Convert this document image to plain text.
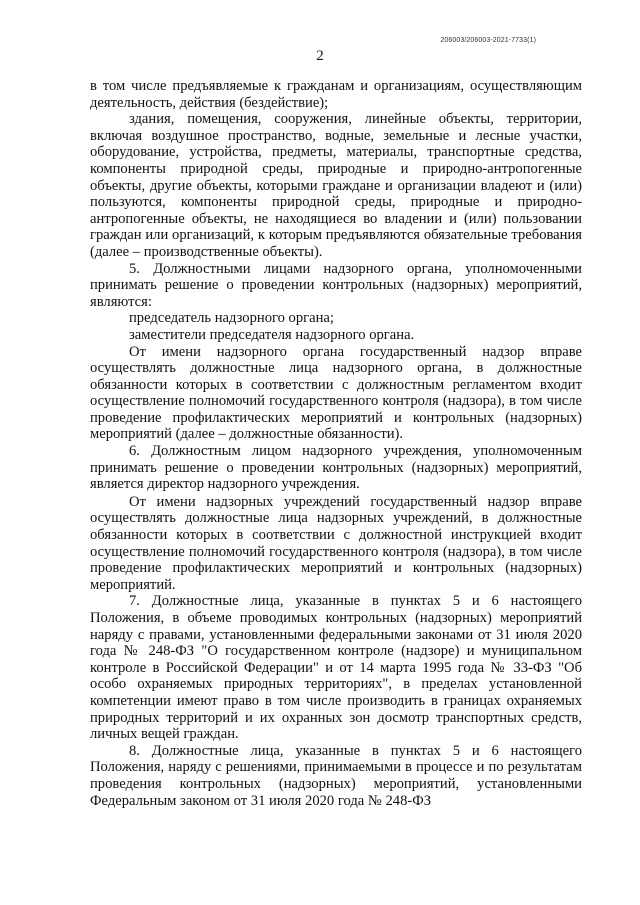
206003/206003-2021-7733(1)
2

в том числе предъявляемые к гражданам и организациям, осуществляющим деятельность, действия (бездействие);

здания, помещения, сооружения, линейные объекты, территории, включая воздушное пространство, водные, земельные и лесные участки, оборудование, устройства, предметы, материалы, транспортные средства, компоненты природной среды, природные и природно-антропогенные объекты, другие объекты, которыми граждане и организации владеют и (или) пользуются, компоненты природной среды, природные и природно-антропогенные объекты, не находящиеся во владении и (или) пользовании граждан или организаций, к которым предъявляются обязательные требования (далее – производственные объекты).

5. Должностными лицами надзорного органа, уполномоченными принимать решение о проведении контрольных (надзорных) мероприятий, являются:

председатель надзорного органа;

заместители председателя надзорного органа.

От имени надзорного органа государственный надзор вправе осуществлять должностные лица надзорного органа, в должностные обязанности которых в соответствии с должностным регламентом входит осуществление полномочий государственного контроля (надзора), в том числе проведение профилактических мероприятий и контрольных (надзорных) мероприятий (далее – должностные обязанности).

6. Должностным лицом надзорного учреждения, уполномоченным принимать решение о проведении контрольных (надзорных) мероприятий, является директор надзорного учреждения.

От имени надзорных учреждений государственный надзор вправе осуществлять должностные лица надзорных учреждений, в должностные обязанности которых в соответствии с должностной инструкцией входит осуществление полномочий государственного контроля (надзора), в том числе проведение профилактических мероприятий и контрольных (надзорных) мероприятий.

7. Должностные лица, указанные в пунктах 5 и 6 настоящего Положения, в объеме проводимых контрольных (надзорных) мероприятий наряду с правами, установленными федеральными законами от 31 июля 2020 года № 248-ФЗ "О государственном контроле (надзоре) и муниципальном контроле в Российской Федерации" и от 14 марта 1995 года № 33-ФЗ "Об особо охраняемых природных территориях", в пределах установленной компетенции имеют право в том числе производить в границах охраняемых природных территорий и их охранных зон досмотр транспортных средств, личных вещей граждан.

8. Должностные лица, указанные в пунктах 5 и 6 настоящего Положения, наряду с решениями, принимаемыми в процессе и по результатам проведения контрольных (надзорных) мероприятий, установленными Федеральным законом от 31 июля 2020 года № 248-ФЗ
